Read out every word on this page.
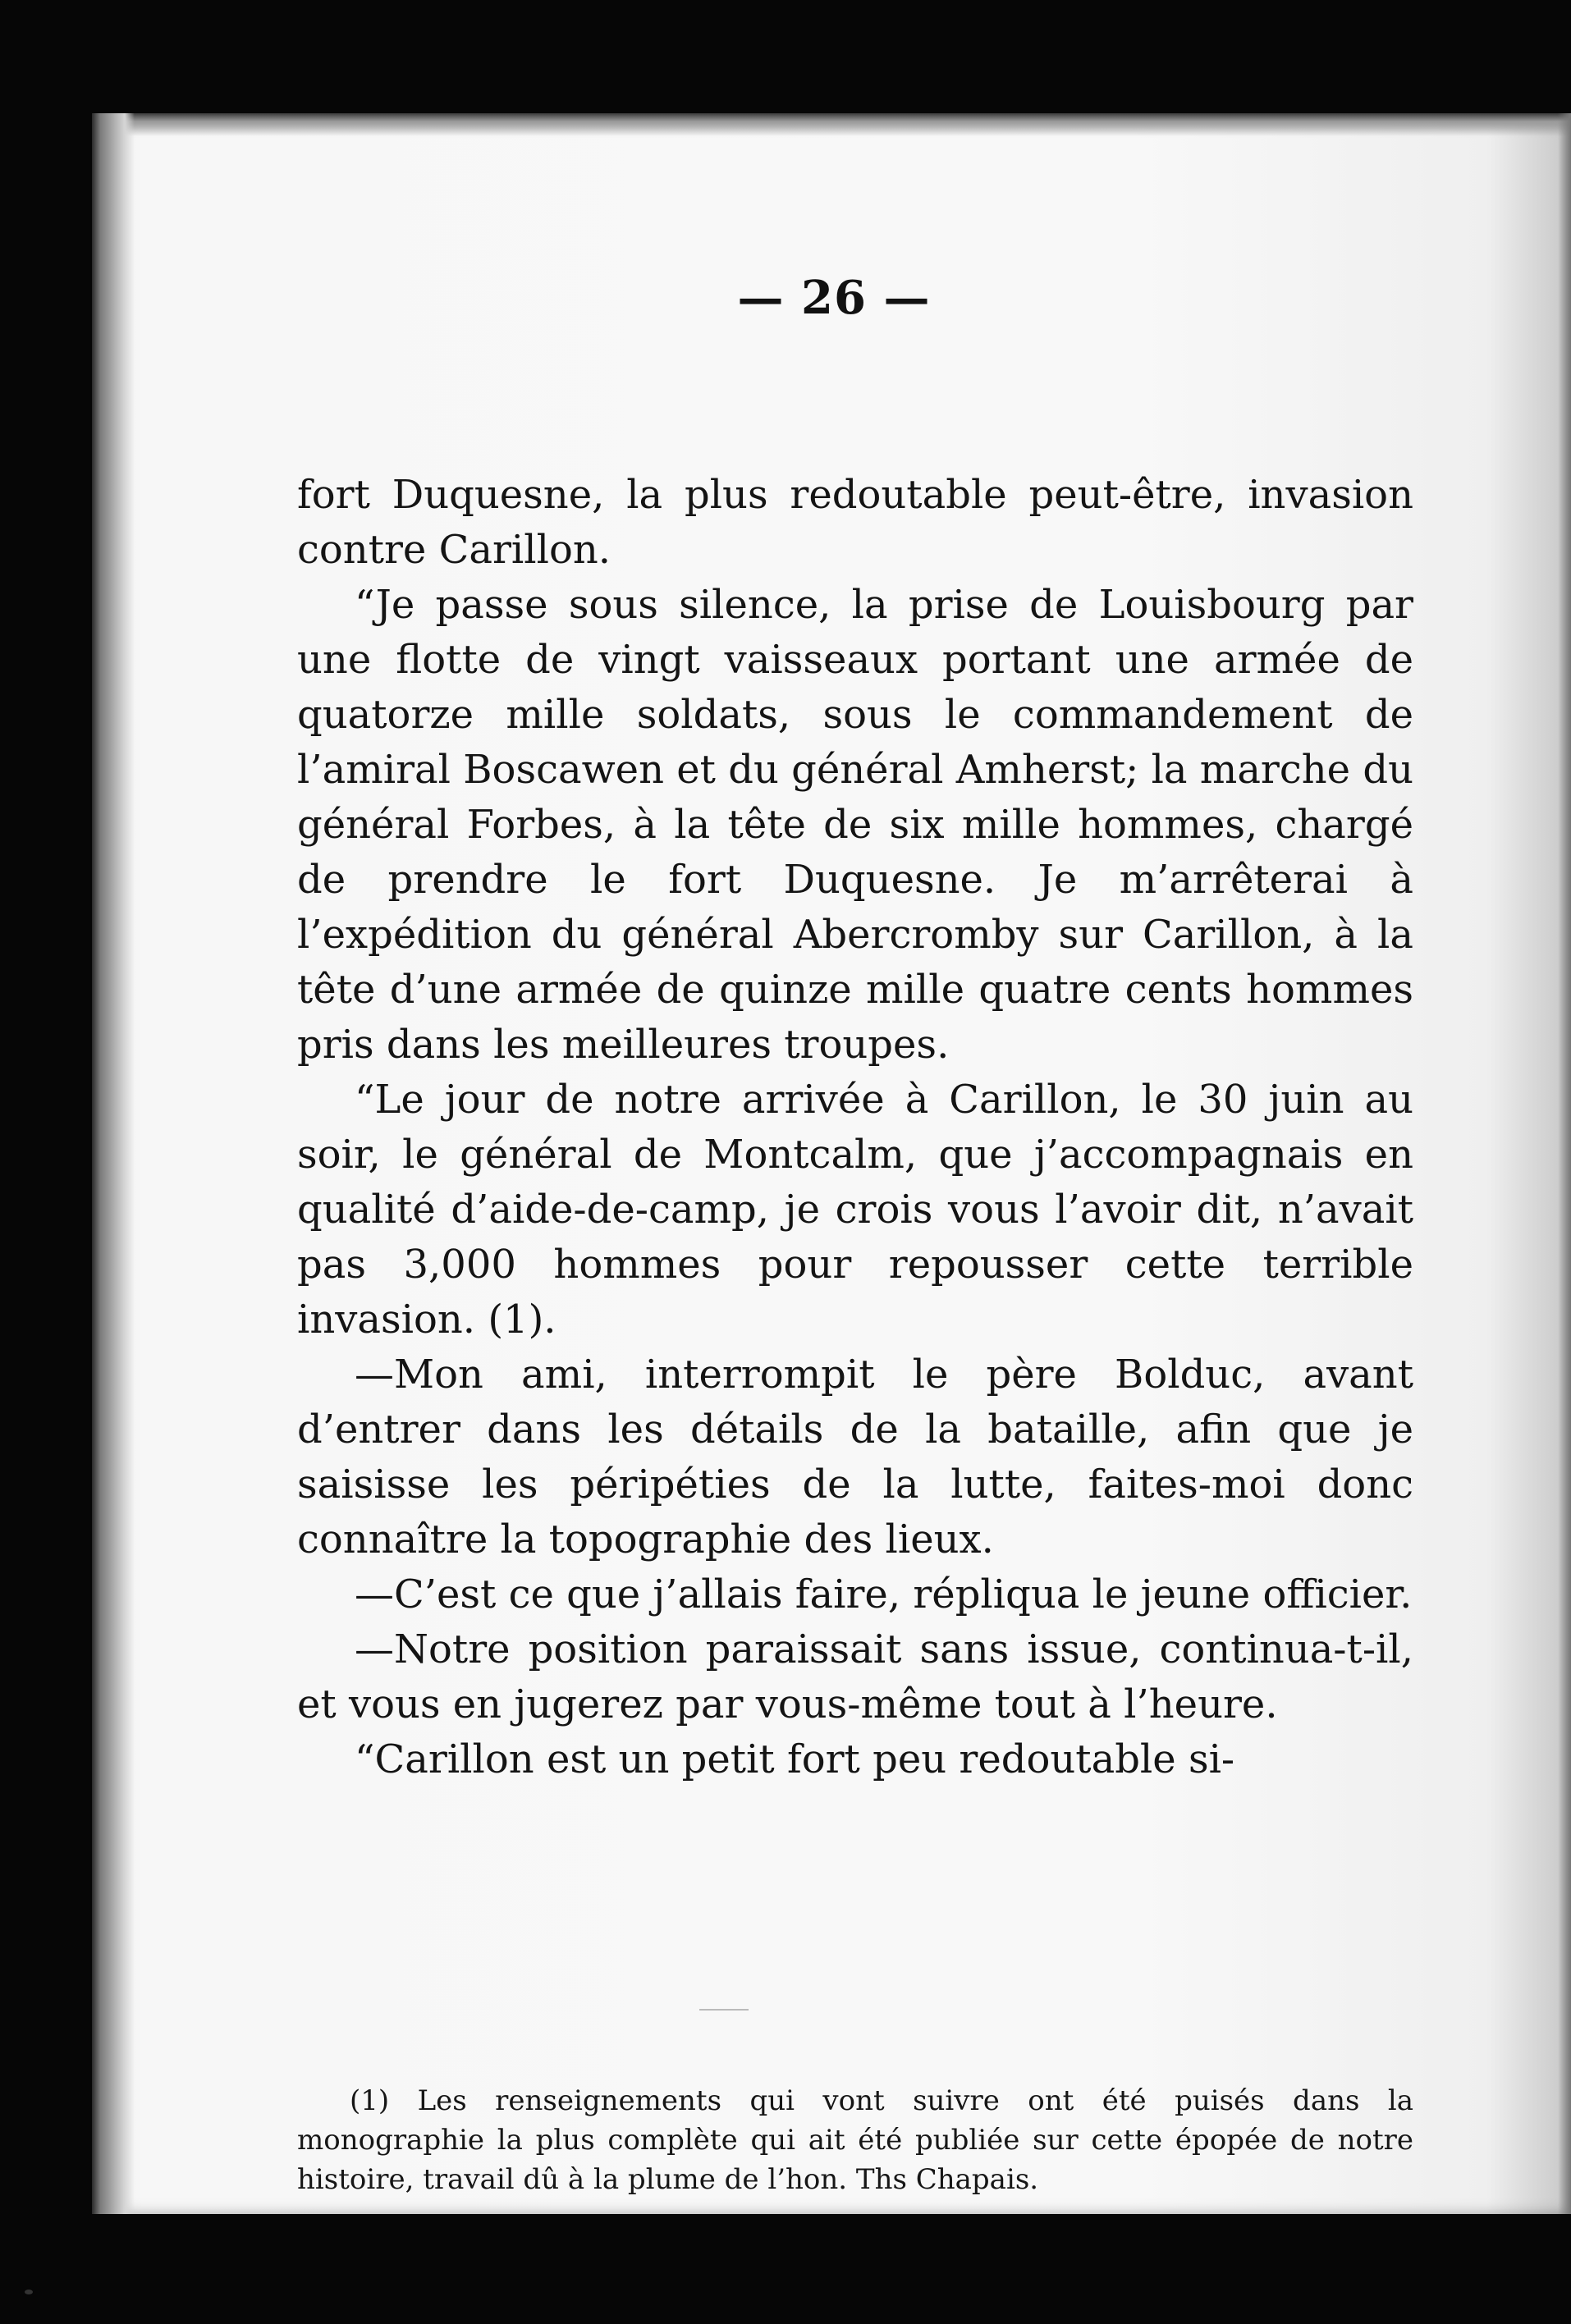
— 26 —

fort Duquesne, la plus redoutable peut-être, invasion contre Carillon.

“Je passe sous silence, la prise de Louisbourg par une flotte de vingt vaisseaux portant une armée de quatorze mille soldats, sous le commandement de l’amiral Boscawen et du général Amherst; la marche du général Forbes, à la tête de six mille hommes, chargé de prendre le fort Duquesne. Je m’arrêterai à l’expédition du général Abercromby sur Carillon, à la tête d’une armée de quinze mille quatre cents hommes pris dans les meilleures troupes.

“Le jour de notre arrivée à Carillon, le 30 juin au soir, le général de Montcalm, que j’accompagnais en qualité d’aide-de-camp, je crois vous l’avoir dit, n’avait pas 3,000 hommes pour repousser cette terrible invasion. (1).

—Mon ami, interrompit le père Bolduc, avant d’entrer dans les détails de la bataille, afin que je saisisse les péripéties de la lutte, faites-moi donc connaître la topographie des lieux.

—C’est ce que j’allais faire, répliqua le jeune officier.

—Notre position paraissait sans issue, continua-t-il, et vous en jugerez par vous-même tout à l’heure.

“Carillon est un petit fort peu redoutable si-

(1) Les renseignements qui vont suivre ont été puisés dans la monographie la plus complète qui ait été publiée sur cette épopée de notre histoire, travail dû à la plume de l’hon. Ths Chapais.
